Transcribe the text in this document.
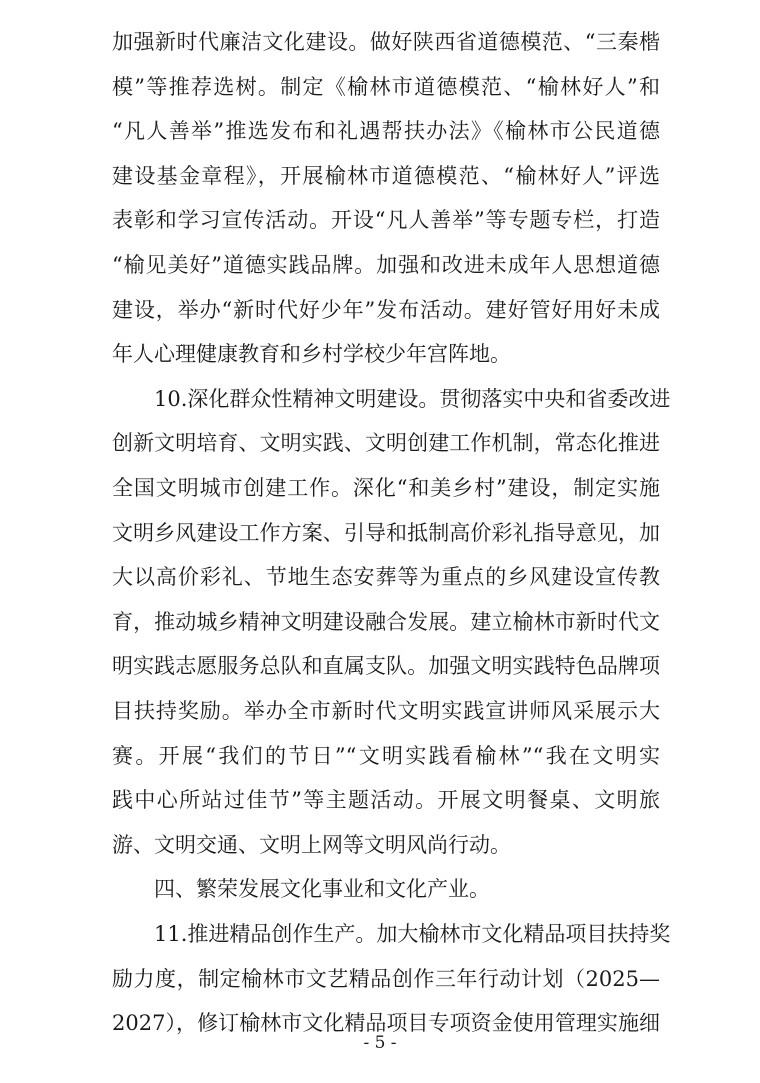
加强新时代廉洁文化建设。做好陕西省道德模范、“三秦楷
模”等推荐选树。制定《榆林市道德模范、“榆林好人”和
“凡人善举”推选发布和礼遇帮扶办法》《榆林市公民道德
建设基金章程》，开展榆林市道德模范、“榆林好人”评选
表彰和学习宣传活动。开设“凡人善举”等专题专栏，打造
“榆见美好”道德实践品牌。加强和改进未成年人思想道德
建设，举办“新时代好少年”发布活动。建好管好用好未成
年人心理健康教育和乡村学校少年宫阵地。
10.深化群众性精神文明建设。贯彻落实中央和省委改进
创新文明培育、文明实践、文明创建工作机制，常态化推进
全国文明城市创建工作。深化“和美乡村”建设，制定实施
文明乡风建设工作方案、引导和抵制高价彩礼指导意见，加
大以高价彩礼、节地生态安葬等为重点的乡风建设宣传教
育，推动城乡精神文明建设融合发展。建立榆林市新时代文
明实践志愿服务总队和直属支队。加强文明实践特色品牌项
目扶持奖励。举办全市新时代文明实践宣讲师风采展示大
赛。开展“我们的节日”“文明实践看榆林”“我在文明实
践中心所站过佳节”等主题活动。开展文明餐桌、文明旅
游、文明交通、文明上网等文明风尚行动。
四、繁荣发展文化事业和文化产业。
11.推进精品创作生产。加大榆林市文化精品项目扶持奖
励力度，制定榆林市文艺精品创作三年行动计划（2025—
2027），修订榆林市文化精品项目专项资金使用管理实施细
- 5 -
